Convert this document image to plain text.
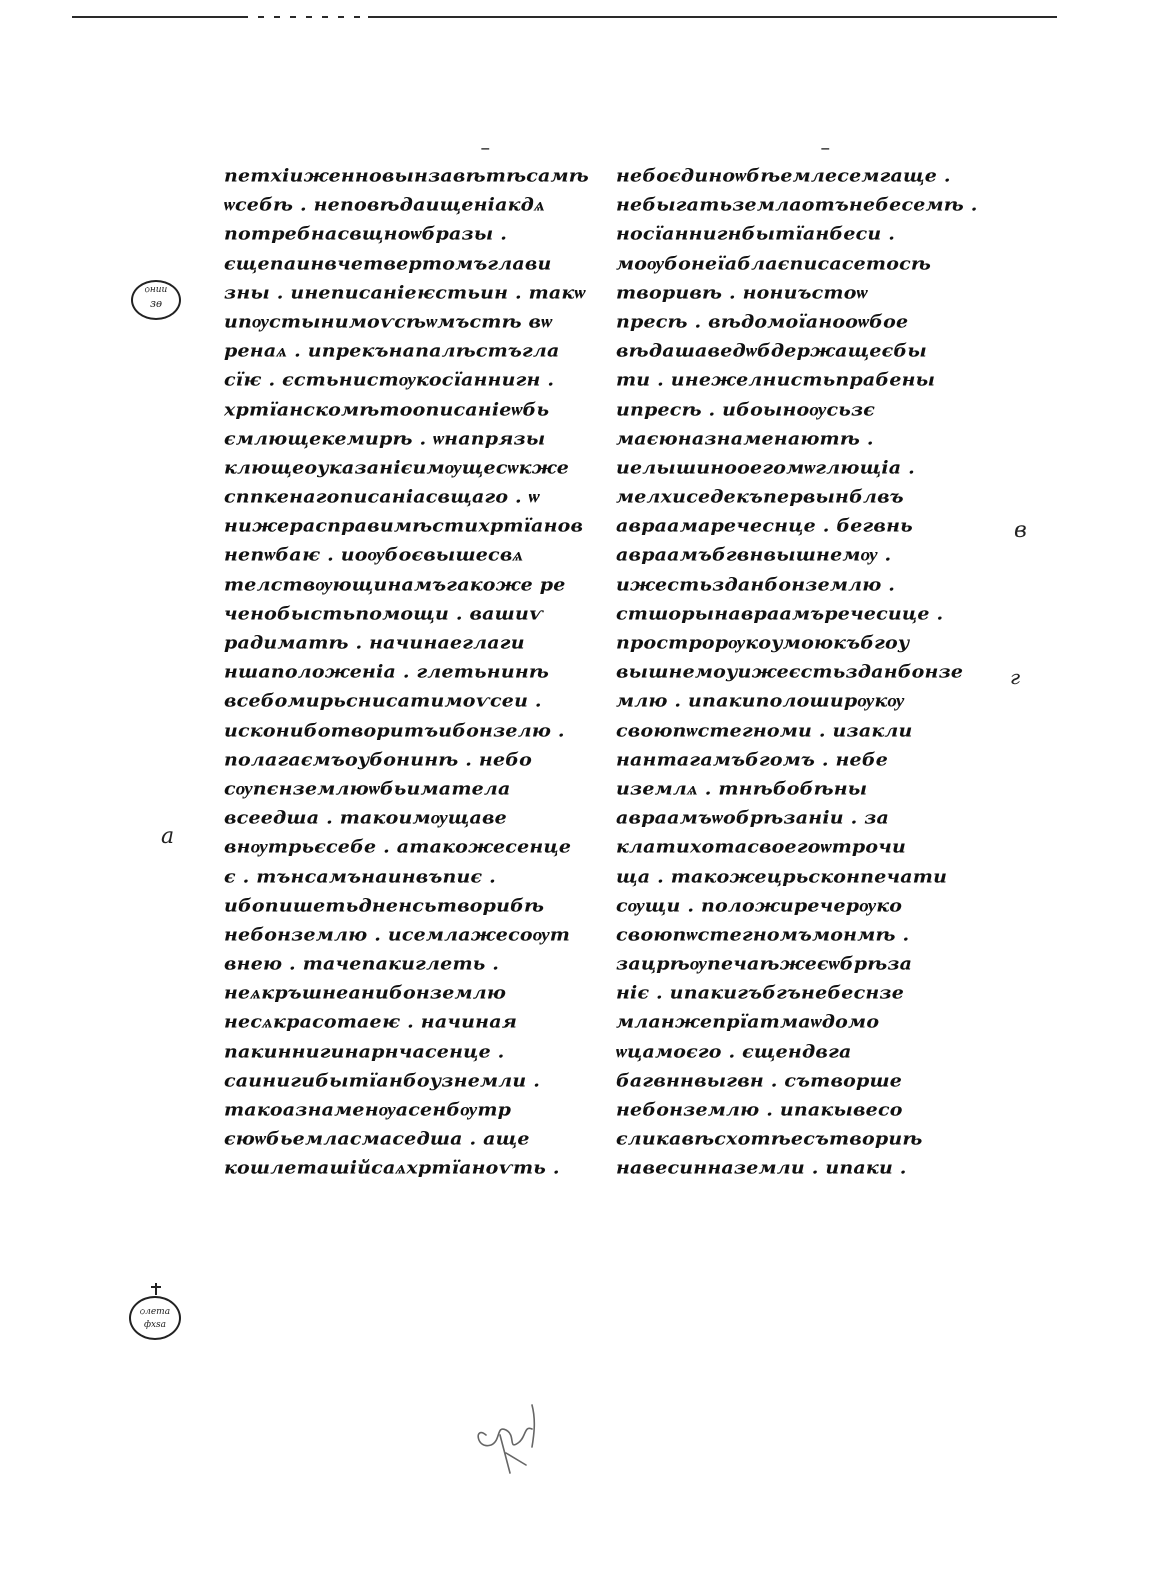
⁻	⁻
петхіиженновынзавѣтѣсамѣ
ѡсебѣ . неповѣдаищеніакдѧ
потребнасвщноѡбразы .
єщепаинвчетвертомъглави
зны . инеписаніеѥстьин . такѡ
ипѹстынимоѵсѣѡмъстѣ вѡ
ренаѧ . ипрекънапалѣстъгла
сїѥ . єстьнистѹкосїаннигн .
хртїанскомѣтоописаніеѡбь
ємлющекемирѣ . ѡнапрязы
клющеоуказанієимѹщесѡкже
сппкенагописаніасвщаго . ѡ
нижерасправимѣстихртїанов
непѡбаѥ . иоѹбоєвышесвѧ
телствѹющинамъгакоже ре
ченобыстьпомощи . вашиѵ
радиматѣ . начинаеглаги
ншаположеніа . глетьнинѣ
всебомирьснисатимоѵсеи .
искониботворитъибонзелю .
полагаємъоубонинѣ . небо
сѹпєнземлюѡбьиматела
всеедша . такоимѹщаве
внѹтрьєсебе . атакожесенце
є . тънсамънаинвъпиє .
ибопишетьдненсьтворибѣ
небонземлю . исемлажесоѹт
внею . тачепакиглеть .
неѧкръшнеанибонземлю
несѧкрасотаеѥ . начиная
пакиннигинарнчасенце .
саинигибытїанбоузнемли .
такоазнаменѹасенбѹтр
єюѡбьемласмаседша . аще
кошлеташійсаѧхртїаноѵть .
небоєдиноѡбѣемлесемгаще .
небыгатьземлаотънебесемѣ .
носїаннигнбытїанбеси .
моѹбонеїаблаєписасетосѣ
творивѣ . нониъстоѡ
пресѣ . вѣдомоїанооѡбое
вѣдашаведѡбдержащеєбы
ти . инежелнистьпрабены
ипресѣ . ибоыноѹсьзє
маєюназнаменаютѣ .
иелышинооегомѡглющіа .
мелхиседекъпервынблвъ
авраамаречеснце . бегвнь
авраамъбгвнвышнемѹ .
ижестьзданбонземлю .
стшорынавраамъречесице .
прострорѹкоумоюкъбгоу
вышнемоуижеєстьзданбонзе
млю . ипакиполоширѹкѹ
своюпѡстегноми . изакли
нантагамъбгомъ . небе
иземлѧ . тнѣбобѣны
авраамъѡобрѣзаніи . за
клатихотасвоегоѡтрочи
ща . такожецрьсконпечати
сѹщи . положиречерѹко
своюпѡстегномъмонмѣ .
зацрѣѹпечаѣжеєѡбрѣза
ніє . ипакигъбгънебеснзе
мланжепрїатмаѡдомо
ѡцамоєго . єщендвга
багвннвыгвн . сътворше
небонземлю . ипакывесо
єликавѣсхотѣесътвориѣ
навесинназемли . ипаки .
ѻнии
зѳ
ѻлета
фхѕа
а
в
г
